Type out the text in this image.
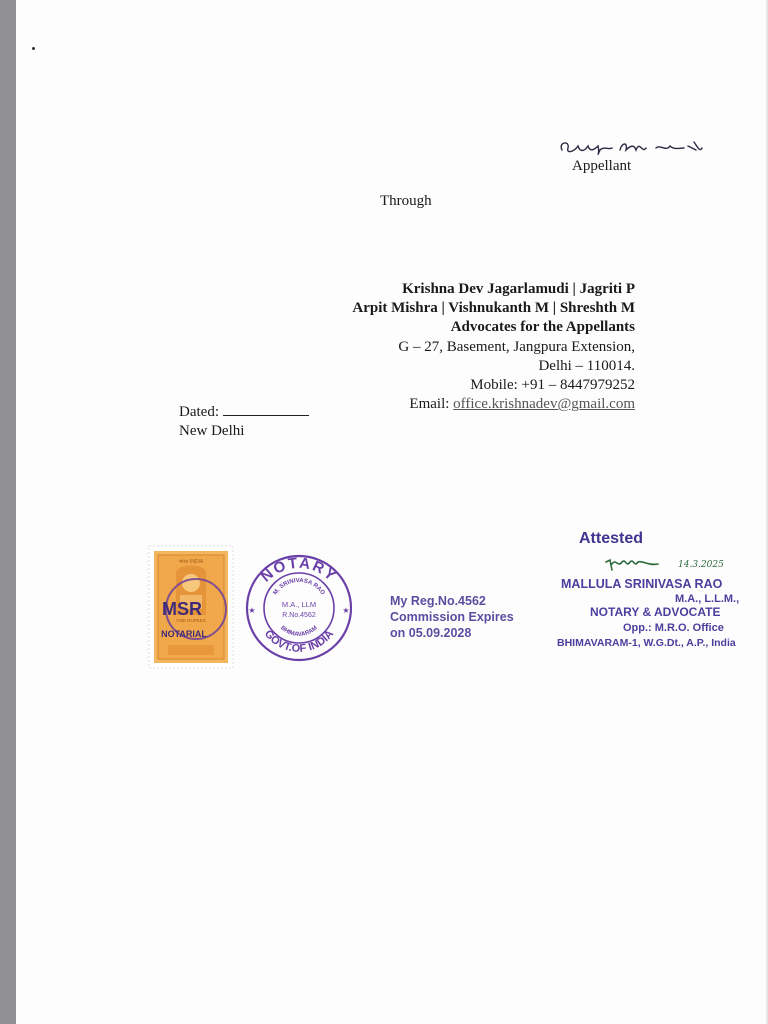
Appellant
Through
Krishna Dev Jagarlamudi | Jagriti P
Arpit Mishra | Vishnukanth M | Shreshth M
Advocates for the Appellants
G – 27, Basement, Jangpura Extension,
Delhi – 110014.
Mobile: +91 – 8447979252
Email: office.krishnadev@gmail.com
Dated:
New Delhi
भारत INDIA
ONE RUPEES
MSR
NOTARIAL
NOTARY
GOVT.OF INDIA
M. SRINIVASA RAO
BHIMAVARAM
M.A., LLM
R.No.4562
★	★
My Reg.No.4562
Commission Expires
on 05.09.2028
Attested
14.3.2025
MALLULA SRINIVASA RAO
M.A., L.L.M.,
NOTARY & ADVOCATE
Opp.: M.R.O. Office
BHIMAVARAM-1, W.G.Dt., A.P., India
